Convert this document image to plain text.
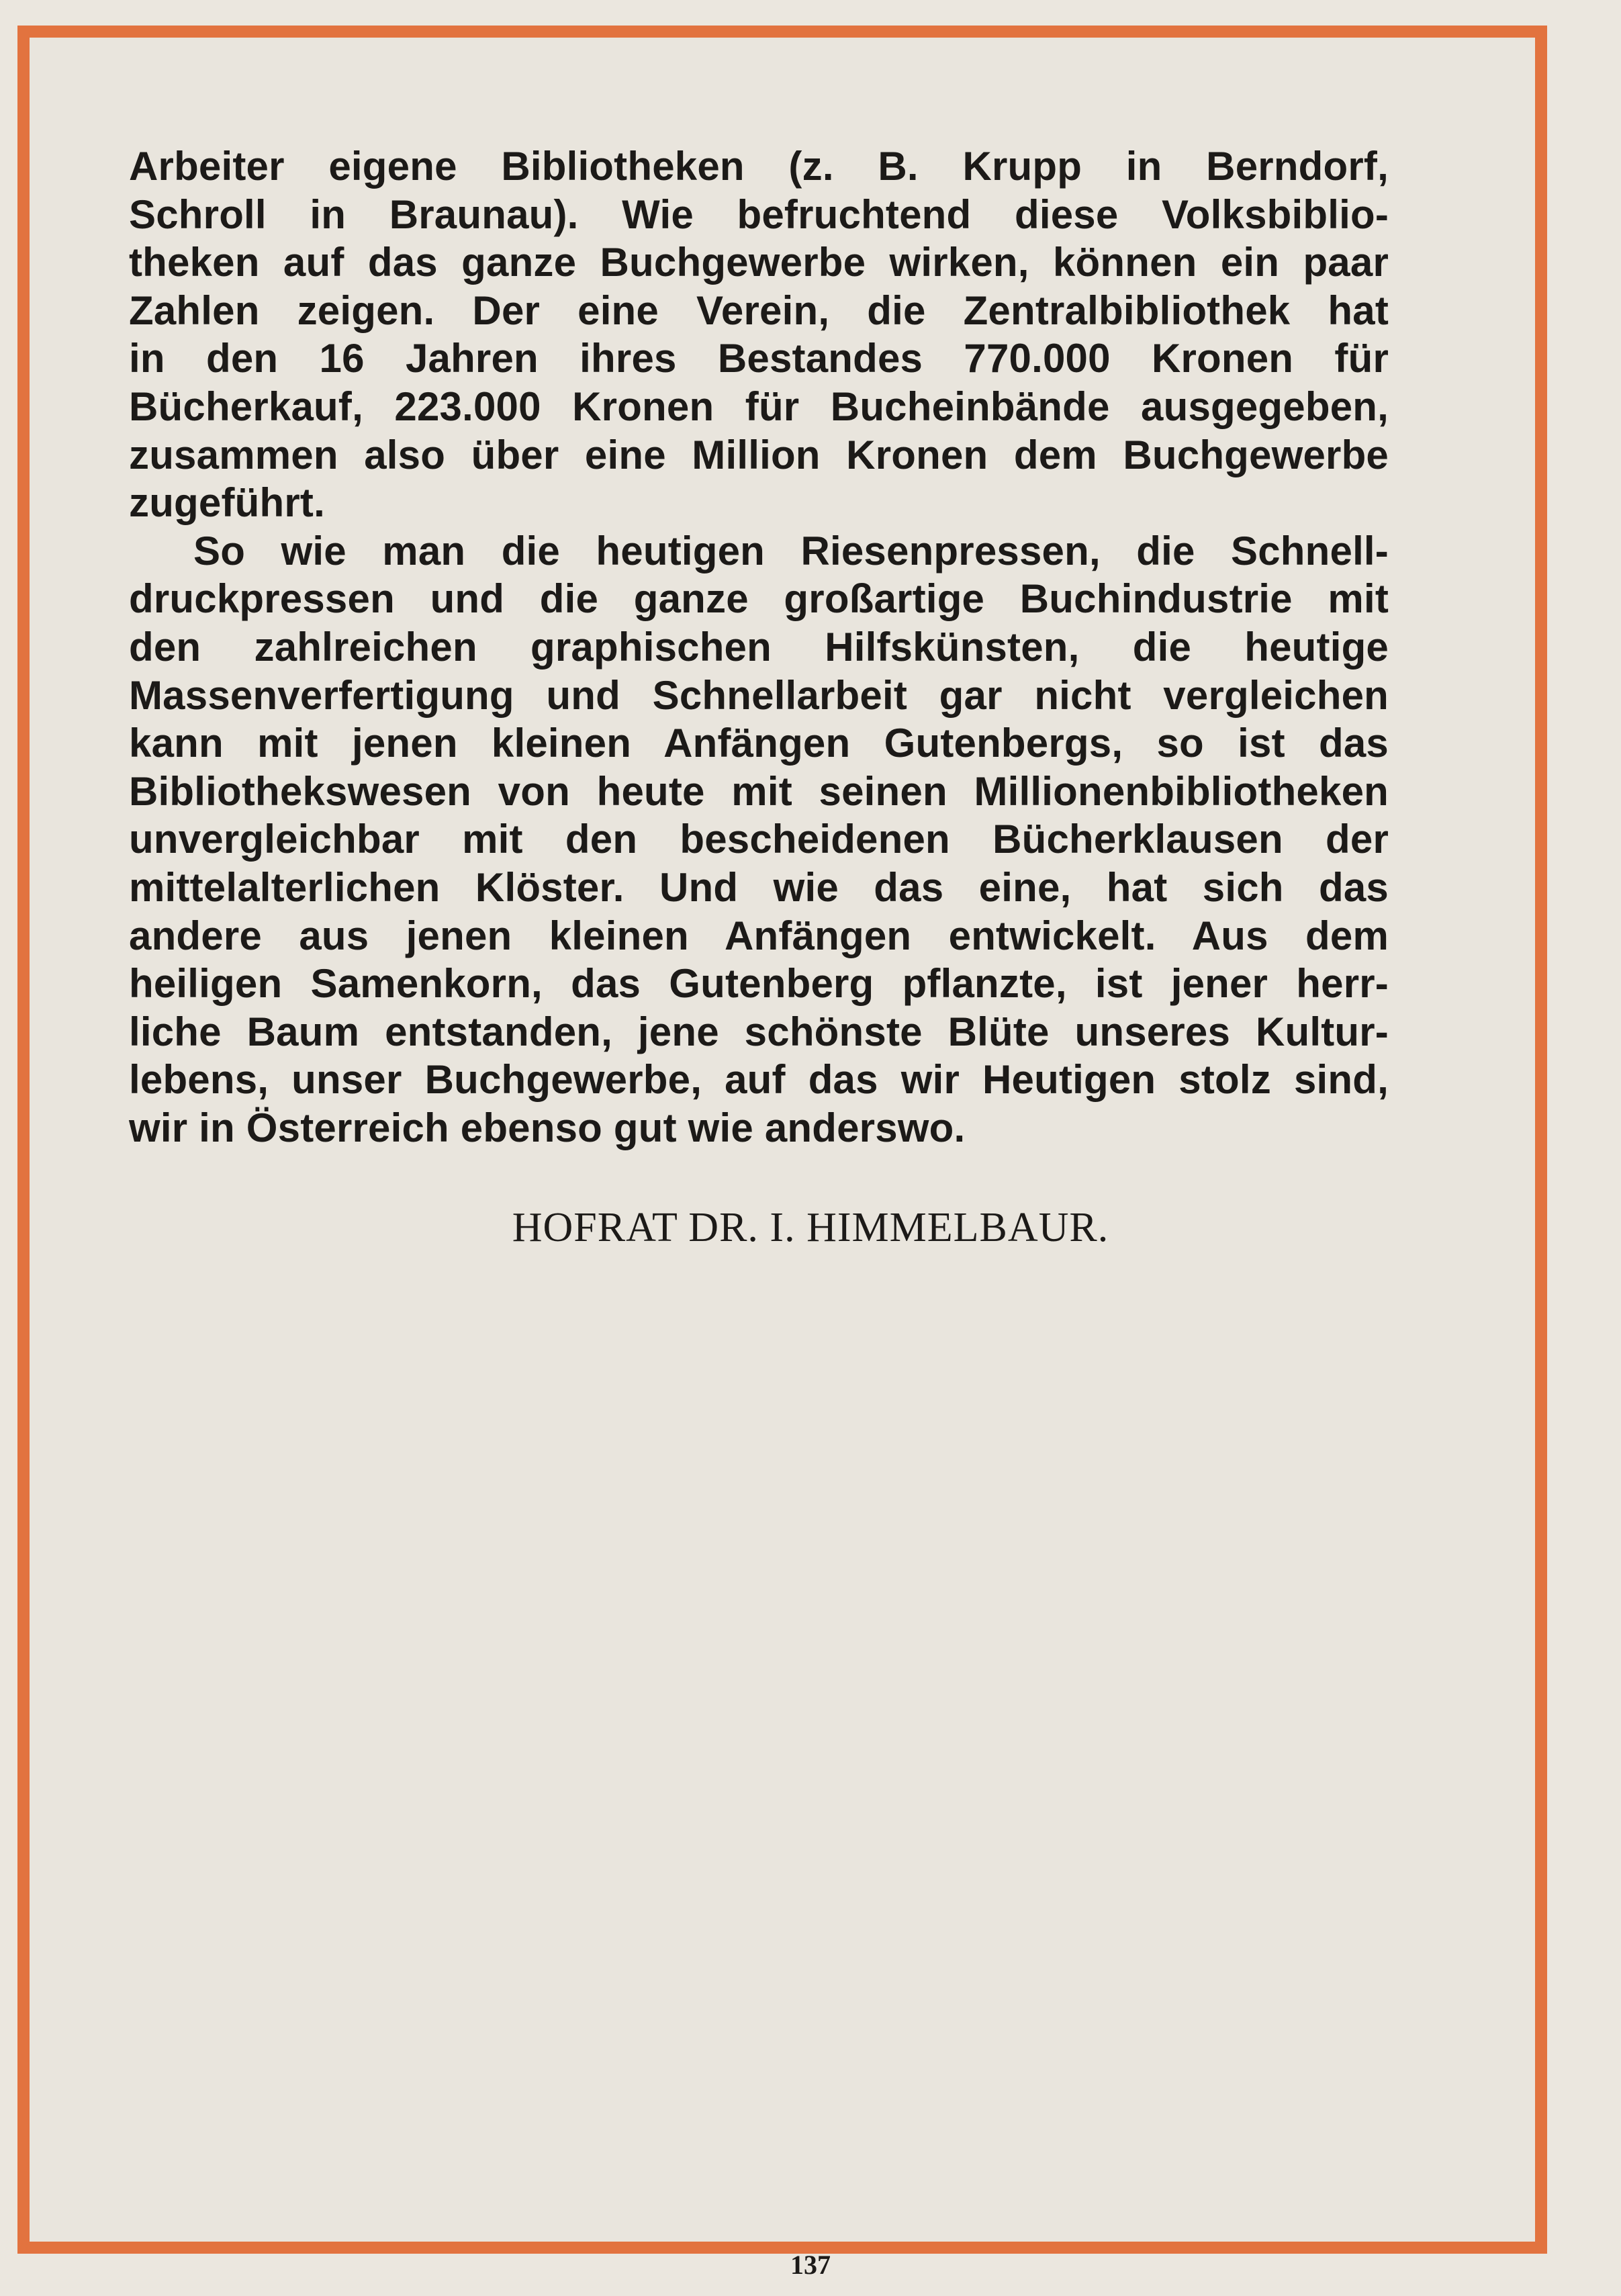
Arbeiter eigene Bibliotheken (z. B. Krupp in Berndorf,
Schroll in Braunau). Wie befruchtend diese Volksbiblio-
theken auf das ganze Buchgewerbe wirken, können ein paar
Zahlen zeigen. Der eine Verein, die Zentralbibliothek hat
in den 16 Jahren ihres Bestandes 770.000 Kronen für
Bücherkauf, 223.000 Kronen für Bucheinbände ausgegeben,
zusammen also über eine Million Kronen dem Buchgewerbe
zugeführt.
So wie man die heutigen Riesenpressen, die Schnell-
druckpressen und die ganze großartige Buchindustrie mit
den zahlreichen graphischen Hilfskünsten, die heutige
Massenverfertigung und Schnellarbeit gar nicht vergleichen
kann mit jenen kleinen Anfängen Gutenbergs, so ist das
Bibliothekswesen von heute mit seinen Millionenbibliotheken
unvergleichbar mit den bescheidenen Bücherklausen der
mittelalterlichen Klöster. Und wie das eine, hat sich das
andere aus jenen kleinen Anfängen entwickelt. Aus dem
heiligen Samenkorn, das Gutenberg pflanzte, ist jener herr-
liche Baum entstanden, jene schönste Blüte unseres Kultur-
lebens, unser Buchgewerbe, auf das wir Heutigen stolz sind,
wir in Österreich ebenso gut wie anderswo.
HOFRAT DR. I. HIMMELBAUR.
137
